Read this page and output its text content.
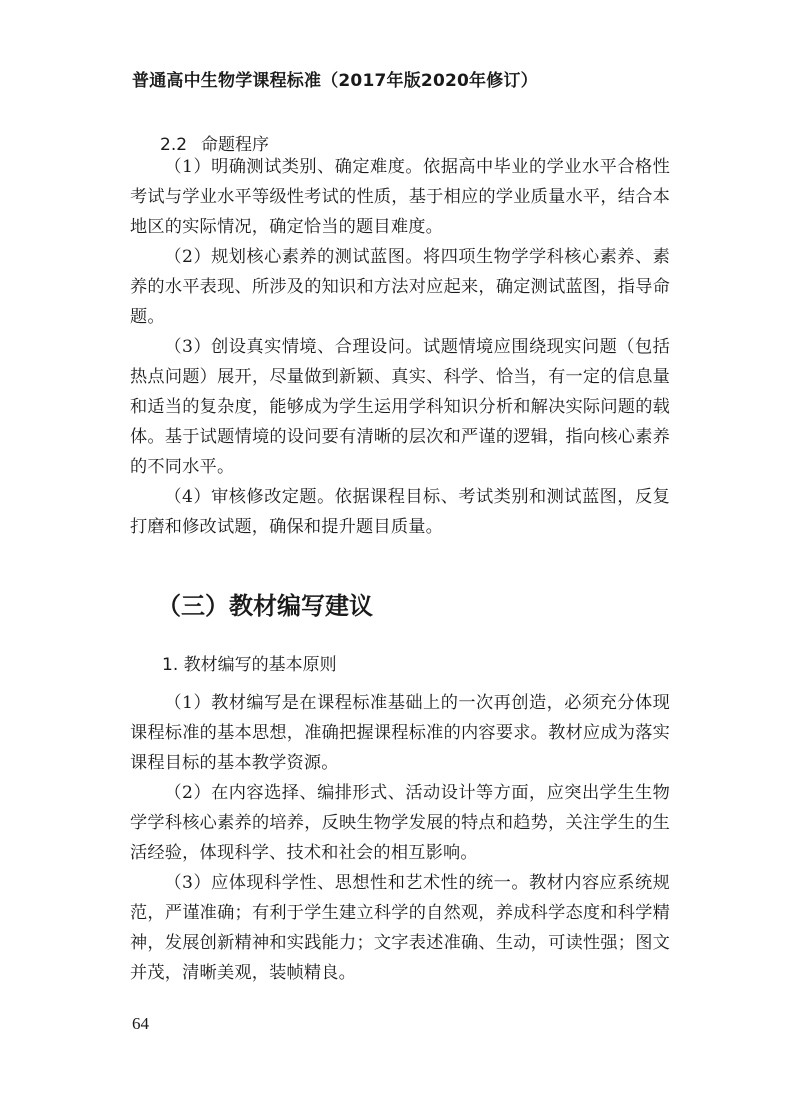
普通高中生物学课程标准（2017年版2020年修订）
2.2 命题程序

（1）明确测试类别、确定难度。依据高中毕业的学业水平合格性考试与学业水平等级性考试的性质，基于相应的学业质量水平，结合本地区的实际情况，确定恰当的题目难度。

（2）规划核心素养的测试蓝图。将四项生物学学科核心素养、素养的水平表现、所涉及的知识和方法对应起来，确定测试蓝图，指导命题。

（3）创设真实情境、合理设问。试题情境应围绕现实问题（包括热点问题）展开，尽量做到新颖、真实、科学、恰当，有一定的信息量和适当的复杂度，能够成为学生运用学科知识分析和解决实际问题的载体。基于试题情境的设问要有清晰的层次和严谨的逻辑，指向核心素养的不同水平。

（4）审核修改定题。依据课程目标、考试类别和测试蓝图，反复打磨和修改试题，确保和提升题目质量。

（三）教材编写建议
1. 教材编写的基本原则

（1）教材编写是在课程标准基础上的一次再创造，必须充分体现课程标准的基本思想，准确把握课程标准的内容要求。教材应成为落实课程目标的基本教学资源。

（2）在内容选择、编排形式、活动设计等方面，应突出学生生物学学科核心素养的培养，反映生物学发展的特点和趋势，关注学生的生活经验，体现科学、技术和社会的相互影响。

（3）应体现科学性、思想性和艺术性的统一。教材内容应系统规范，严谨准确；有利于学生建立科学的自然观，养成科学态度和科学精神，发展创新精神和实践能力；文字表述准确、生动，可读性强；图文并茂，清晰美观，装帧精良。

64
